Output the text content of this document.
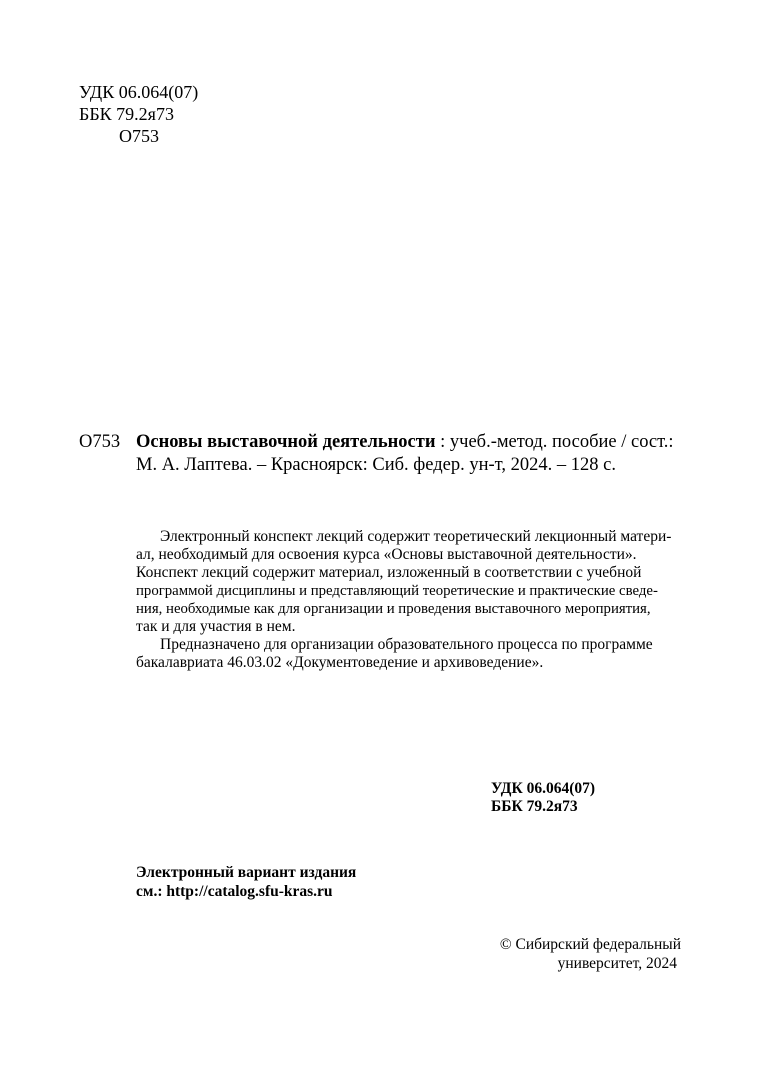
УДК 06.064(07)
ББК 79.2я73
О753
О753 Основы выставочной деятельности : учеб.-метод. пособие / сост.:
М. А. Лаптева. – Красноярск: Сиб. федер. ун-т, 2024. – 128 с.

Электронный конспект лекций содержит теоретический лекционный матери-

ал, необходимый для освоения курса «Основы выставочной деятельности».

Конспект лекций содержит материал, изложенный в соответствии с учебной

программой дисциплины и представляющий теоретические и практические сведе-

ния, необходимые как для организации и проведения выставочного мероприятия,

так и для участия в нем.

Предназначено для организации образовательного процесса по программе

бакалавриата 46.03.02 «Документоведение и архивоведение».

УДК 06.064(07)
ББК 79.2я73
Электронный вариант издания
см.: http://catalog.sfu-kras.ru
© Сибирский федеральный
университет, 2024
